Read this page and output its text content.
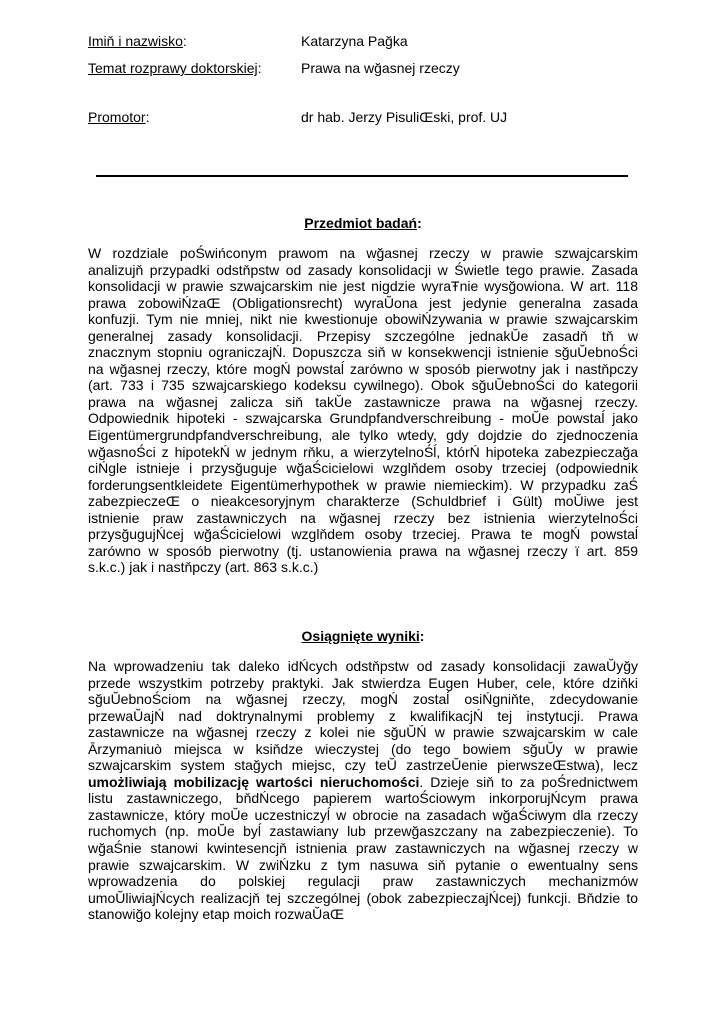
Imiň i nazwisko:	Katarzyna Pağka
Temat rozprawy doktorskiej:	Prawa na wğasnej rzeczy
Promotor:	dr hab. Jerzy PisuliŒski, prof. UJ
Przedmiot badań:
W rozdziale poŚwińconym prawom na wğasnej rzeczy w prawie szwajcarskim
analizujň przypadki odstňpstw od zasady konsolidacji w Świetle tego prawie. Zasada
konsolidacji w prawie szwajcarskim nie jest nigdzie wyraŦnie wysğowiona. W art. 118
prawa zobowiŃzaŒ (Obligationsrecht) wyraŬona jest jedynie generalna zasada
konfuzji. Tym nie mniej, nikt nie kwestionuje obowiŃzywania w prawie szwajcarskim
generalnej zasady konsolidacji. Przepisy szczególne jednakŬe zasadň tň w
znacznym stopniu ograniczajŃ. Dopuszcza siň w konsekwencji istnienie sğuŬebnoŚci
na wğasnej rzeczy, które mogŃ powstaĺ zarówno w sposób pierwotny jak i nastňpczy
(art. 733 i 735 szwajcarskiego kodeksu cywilnego). Obok sğuŬebnoŚci do kategorii
prawa na wğasnej zalicza siň takŬe zastawnicze prawa na wğasnej rzeczy.
Odpowiednik hipoteki - szwajcarska Grundpfandverschreibung - moŬe powstaĺ jako
Eigentümergrundpfandverschreibung, ale tylko wtedy, gdy dojdzie do zjednoczenia
wğasnoŚci z hipotekŃ w jednym rňku, a wierzytelnoŚĺ, którŃ hipoteka zabezpieczağa
ciŃgle istnieje i przysğuguje wğaŚcicielowi wzglňdem osoby trzeciej (odpowiednik
forderungsentkleidete Eigentümerhypothek w prawie niemieckim). W przypadku zaŚ
zabezpieczeŒ o nieakcesoryjnym charakterze (Schuldbrief i Gült) moŬiwe jest
istnienie praw zastawniczych na wğasnej rzeczy bez istnienia wierzytelnoŚci
przysğugujŃcej wğaŚcicielowi wzglňdem osoby trzeciej. Prawa te mogŃ powstaĺ
zarówno w sposób pierwotny (tj. ustanowienia prawa na wğasnej rzeczy ï art. 859
s.k.c.) jak i nastňpczy (art. 863 s.k.c.)
Osiągnięte wyniki:
Na wprowadzeniu tak daleko idŃcych odstňpstw od zasady konsolidacji zawaŬyğy
przede wszystkim potrzeby praktyki. Jak stwierdza Eugen Huber, cele, które dziňki
sğuŬebnoŚciom na wğasnej rzeczy, mogŃ zostaĺ osiŃgniňte, zdecydowanie
przewaŬajŃ nad doktrynalnymi problemy z kwalifikacjŃ tej instytucji. Prawa
zastawnicze na wğasnej rzeczy z kolei nie sğuŬŃ w prawie szwajcarskim w cale
Ārzymaniuò miejsca w ksiňdze wieczystej (do tego bowiem sğuŬy w prawie
szwajcarskim system stağych miejsc, czy teŬ zastrzeŬenie pierwszeŒstwa), lecz
umożliwiają mobilizację wartości nieruchomości. Dzieje siň to za poŚrednictwem
listu zastawniczego, bňdŃcego papierem wartoŚciowym inkorporujŃcym prawa
zastawnicze, który moŬe uczestniczyĺ w obrocie na zasadach wğaŚciwym dla rzeczy
ruchomych (np. moŬe byĺ zastawiany lub przewğaszczany na zabezpieczenie). To
wğaŚnie stanowi kwintesencjň istnienia praw zastawniczych na wğasnej rzeczy w
prawie szwajcarskim. W zwiŃzku z tym nasuwa siň pytanie o ewentualny sens
wprowadzenia do polskiej regulacji praw zastawniczych mechanizmów
umoŬliwiajŃcych realizacjň tej szczególnej (obok zabezpieczajŃcej) funkcji. Bňdzie to
stanowiğo kolejny etap moich rozwaŬaŒ
